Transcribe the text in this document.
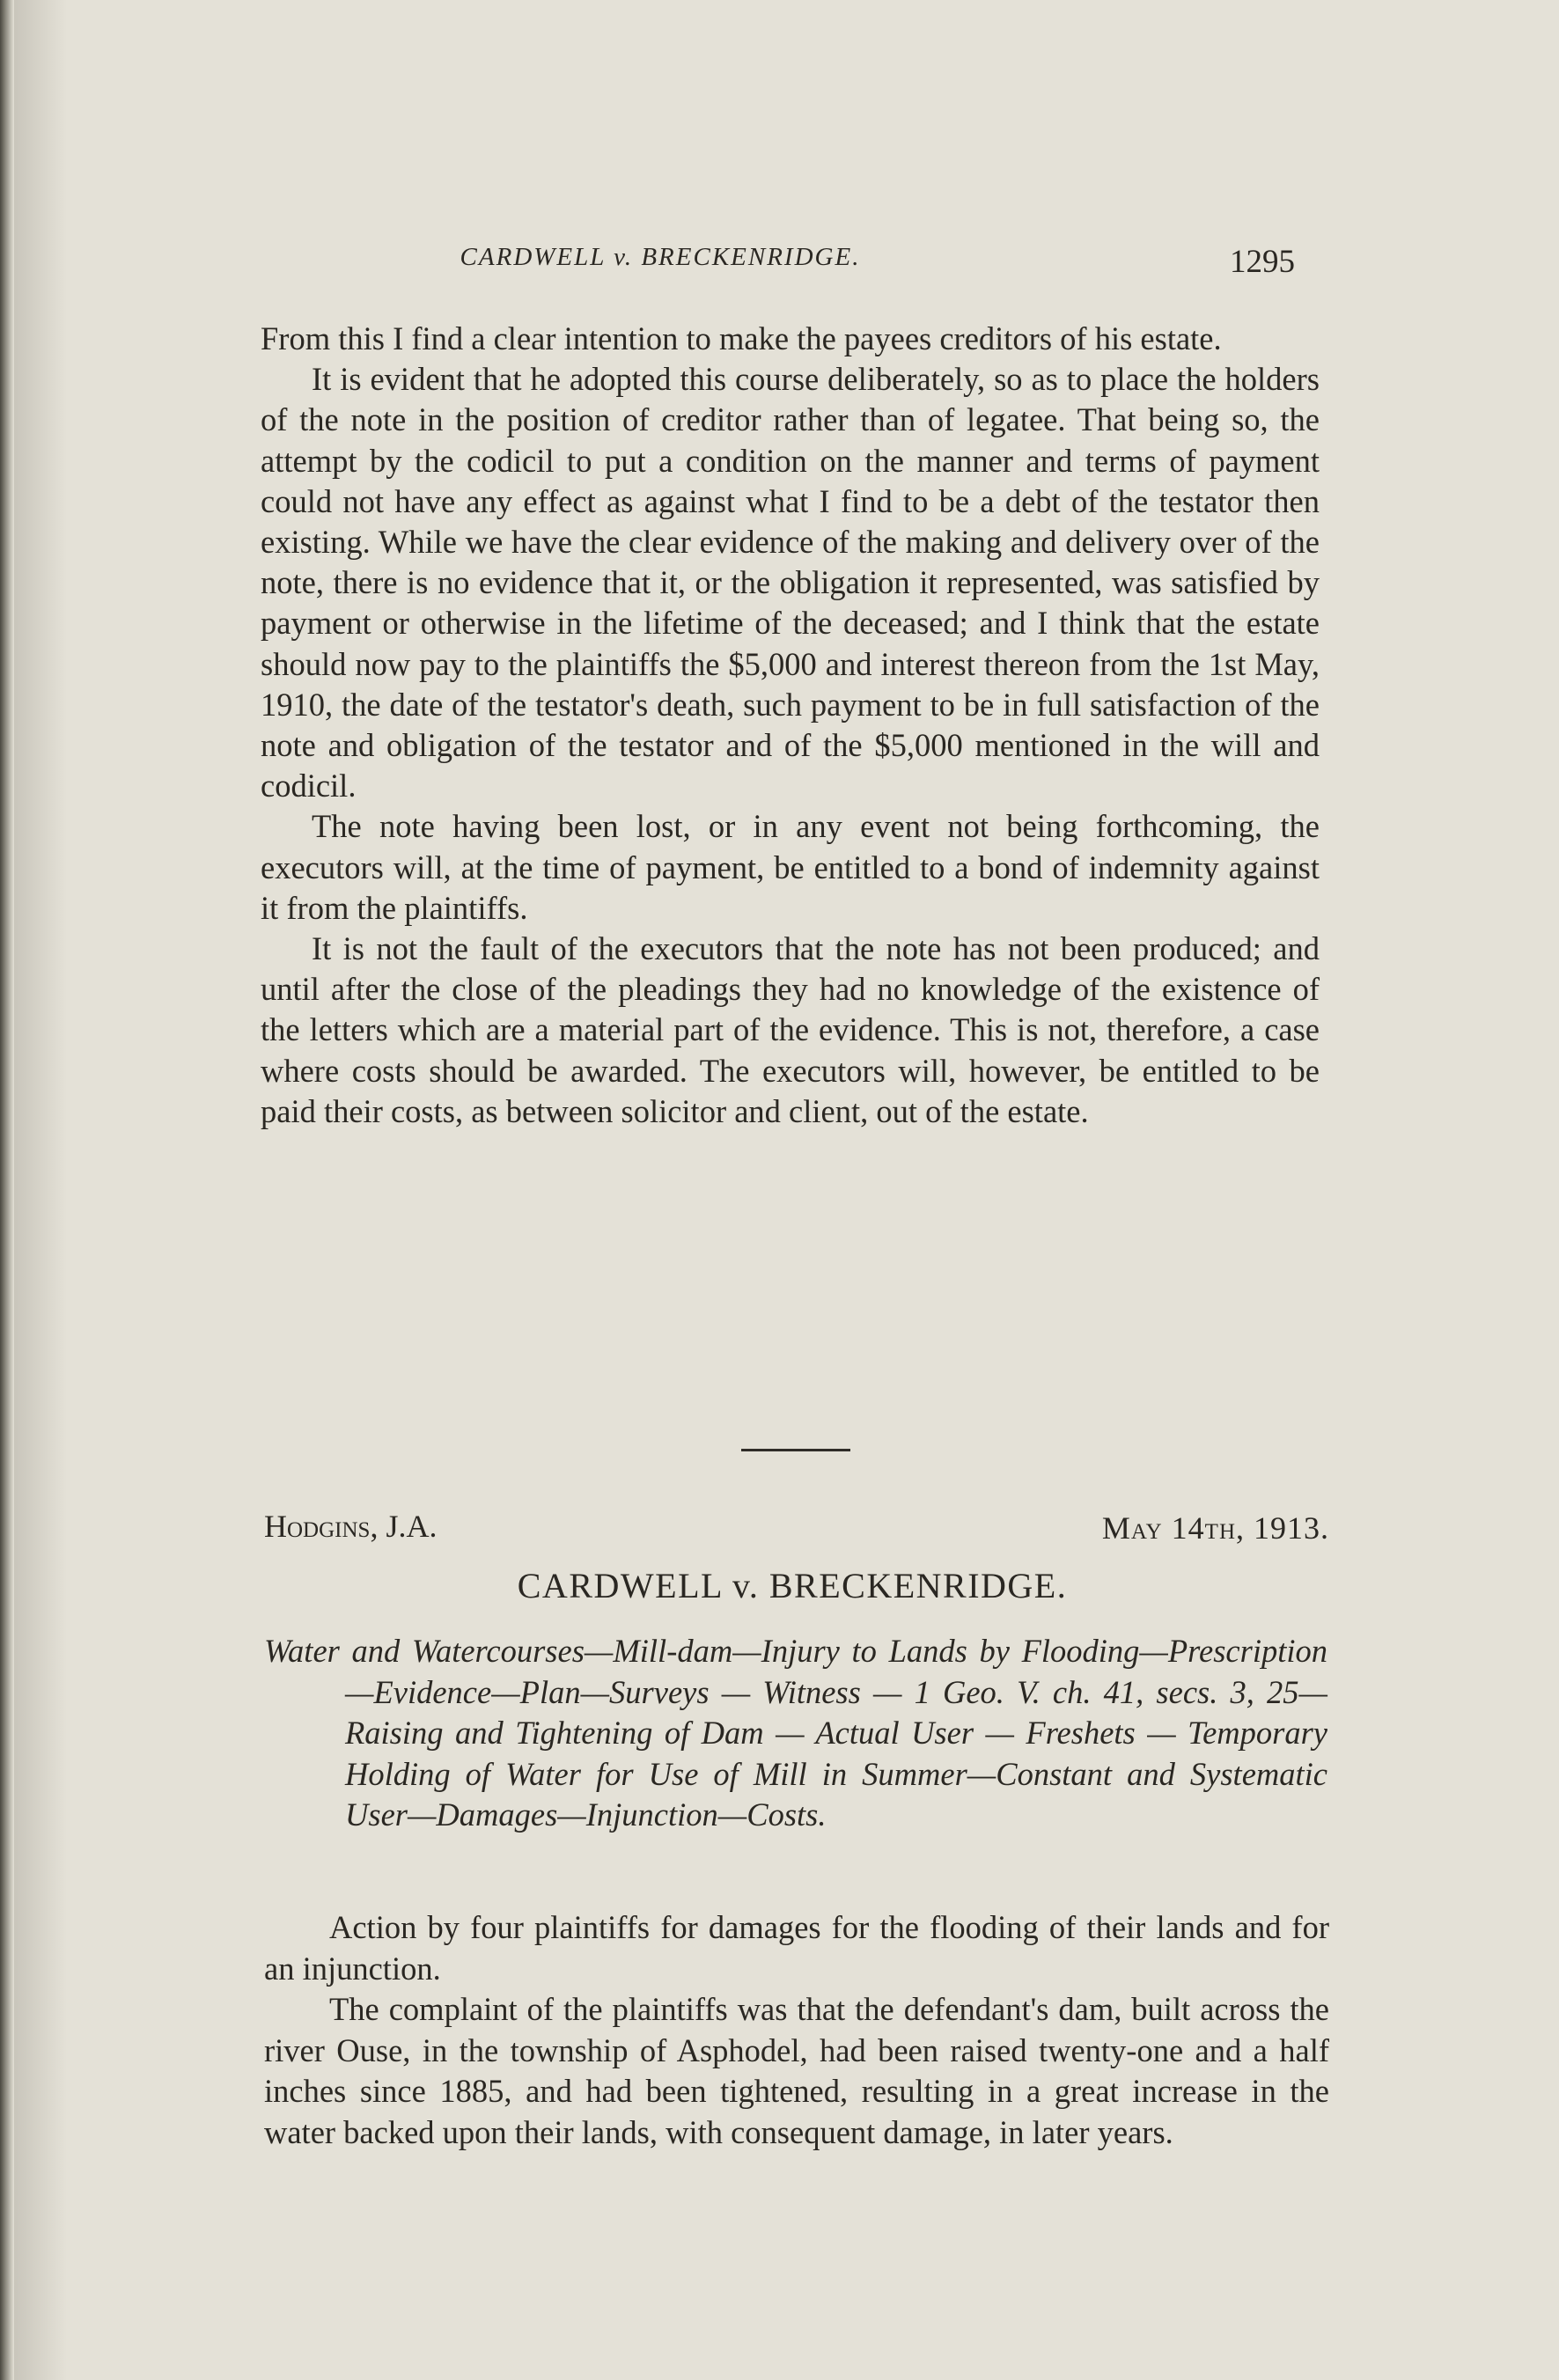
CARDWELL v. BRECKENRIDGE.	1295

From this I find a clear intention to make the payees creditors of his estate.

It is evident that he adopted this course deliberately, so as to place the holders of the note in the position of creditor rather than of legatee. That being so, the attempt by the codicil to put a condition on the manner and terms of payment could not have any effect as against what I find to be a debt of the testator then existing. While we have the clear evidence of the making and delivery over of the note, there is no evidence that it, or the obligation it represented, was satisfied by payment or otherwise in the lifetime of the deceased; and I think that the estate should now pay to the plaintiffs the $5,000 and interest thereon from the 1st May, 1910, the date of the testator's death, such payment to be in full satisfaction of the note and obligation of the testator and of the $5,000 mentioned in the will and codicil.

The note having been lost, or in any event not being forthcoming, the executors will, at the time of payment, be entitled to a bond of indemnity against it from the plaintiffs.

It is not the fault of the executors that the note has not been produced; and until after the close of the pleadings they had no knowledge of the existence of the letters which are a material part of the evidence. This is not, therefore, a case where costs should be awarded. The executors will, however, be entitled to be paid their costs, as between solicitor and client, out of the estate.

Hodgins, J.A.	May 14th, 1913.
CARDWELL v. BRECKENRIDGE.
Water and Watercourses—Mill-dam—Injury to Lands by Flooding—Prescription—Evidence—Plan—Surveys — Witness — 1 Geo. V. ch. 41, secs. 3, 25—Raising and Tightening of Dam — Actual User — Freshets — Temporary Holding of Water for Use of Mill in Summer—Constant and Systematic User—Damages—Injunction—Costs.

Action by four plaintiffs for damages for the flooding of their lands and for an injunction.

The complaint of the plaintiffs was that the defendant's dam, built across the river Ouse, in the township of Asphodel, had been raised twenty-one and a half inches since 1885, and had been tightened, resulting in a great increase in the water backed upon their lands, with consequent damage, in later years.
